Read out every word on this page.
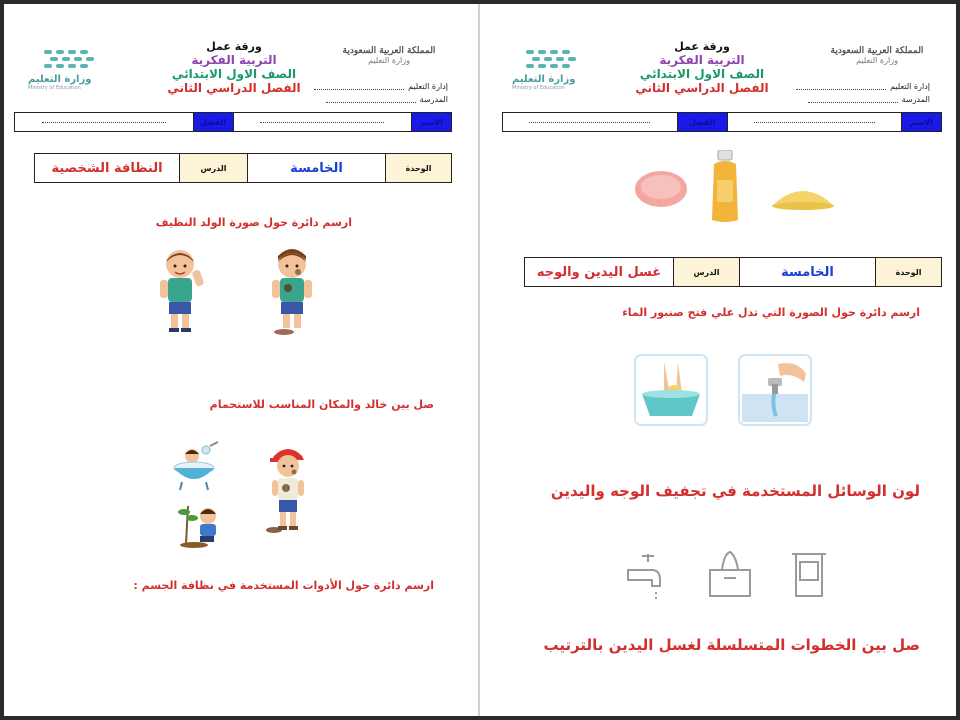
وزارة التعليم
Ministry of Education
ورقة عمل
التربية الفكرية
الصف الاول الابتدائي
الفصل الدراسي الثاني
المملكة العربية السعودية
وزارة التعليم
إدارة التعليم
المدرسة
الاسم
الفصل
الوحدة
الخامسة
الدرس
النظافة الشخصية
ارسم دائرة حول صورة الولد النظيف
صل بين خالد والمكان المناسب للاستحمام
ارسم دائرة حول الأدوات المستخدمة في نظافة الجسم :
وزارة التعليم
Ministry of Education
ورقة عمل
التربية الفكرية
الصف الاول الابتدائي
الفصل الدراسي الثاني
المملكة العربية السعودية
وزارة التعليم
إدارة التعليم
المدرسة
الاسم
الفصل
الوحدة
الخامسة
الدرس
غسل اليدين والوجه
ارسم دائرة حول الصورة التي تدل علي فتح صنبور الماء
لون الوسائل المستخدمة في تجفيف الوجه واليدين
صل بين الخطوات المتسلسلة لغسل اليدين بالترتيب
